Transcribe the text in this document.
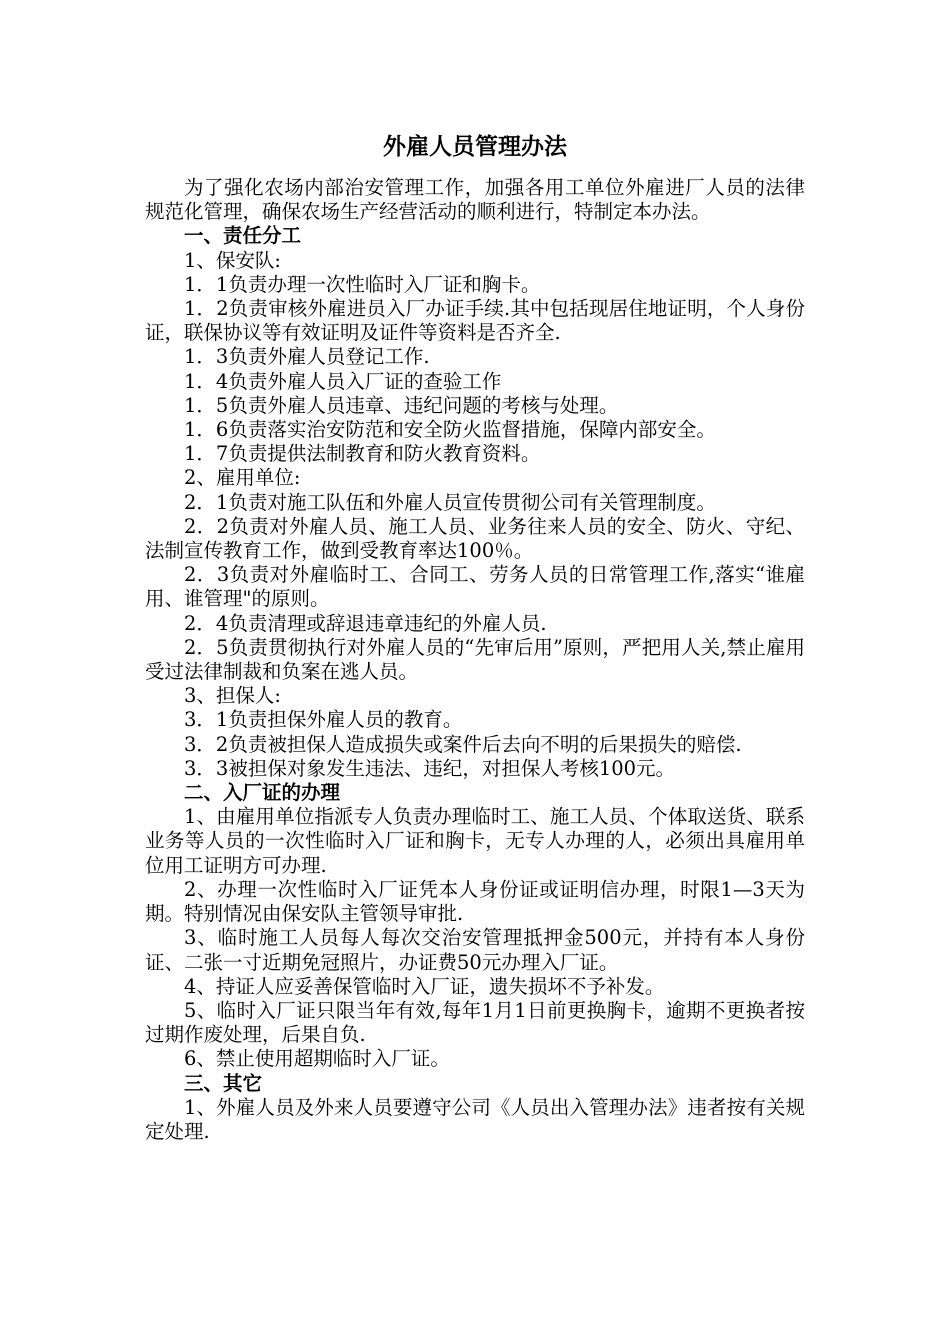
外雇人员管理办法

为了强化农场内部治安管理工作，加强各用工单位外雇进厂人员的法律规范化管理，确保农场生产经营活动的顺利进行，特制定本办法。

一、责任分工

1、保安队:

1．1负责办理一次性临时入厂证和胸卡。

1．2负责审核外雇进员入厂办证手续.其中包括现居住地证明，个人身份证，联保协议等有效证明及证件等资料是否齐全.

1．3负责外雇人员登记工作.

1．4负责外雇人员入厂证的查验工作

1．5负责外雇人员违章、违纪问题的考核与处理。

1．6负责落实治安防范和安全防火监督措施，保障内部安全。

1．7负责提供法制教育和防火教育资料。

2、雇用单位:

2．1负责对施工队伍和外雇人员宣传贯彻公司有关管理制度。

2．2负责对外雇人员、施工人员、业务往来人员的安全、防火、守纪、法制宣传教育工作，做到受教育率达100％。

2．3负责对外雇临时工、合同工、劳务人员的日常管理工作,落实“谁雇用、谁管理"的原则。

2．4负责清理或辞退违章违纪的外雇人员.

2．5负责贯彻执行对外雇人员的“先审后用”原则，严把用人关,禁止雇用受过法律制裁和负案在逃人员。

3、担保人:

3．1负责担保外雇人员的教育。

3．2负责被担保人造成损失或案件后去向不明的后果损失的赔偿.

3．3被担保对象发生违法、违纪，对担保人考核100元。

二、入厂证的办理

1、由雇用单位指派专人负责办理临时工、施工人员、个体取送货、联系业务等人员的一次性临时入厂证和胸卡，无专人办理的人，必须出具雇用单位用工证明方可办理.

2、办理一次性临时入厂证凭本人身份证或证明信办理，时限1—3天为期。特别情况由保安队主管领导审批.

3、临时施工人员每人每次交治安管理抵押金500元，并持有本人身份证、二张一寸近期免冠照片，办证费50元办理入厂证。

4、持证人应妥善保管临时入厂证，遗失损坏不予补发。

5、临时入厂证只限当年有效,每年1月1日前更换胸卡，逾期不更换者按过期作废处理，后果自负.

6、禁止使用超期临时入厂证。

三、其它

1、外雇人员及外来人员要遵守公司《人员出入管理办法》违者按有关规定处理.
